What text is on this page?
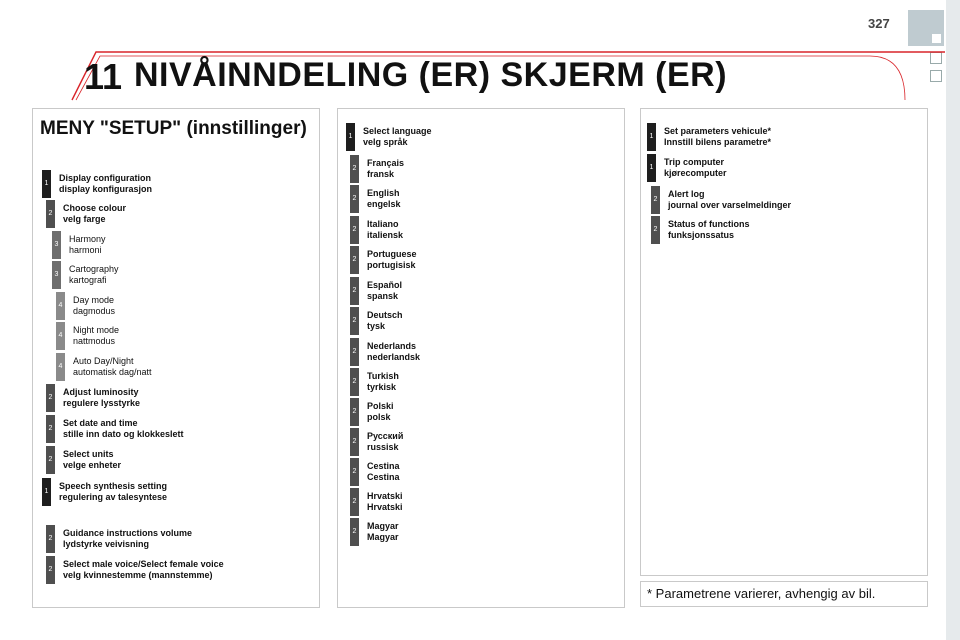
327
11 NIVÅINNDELING (ER) SKJERM (ER)
MENY "SETUP" (innstillinger)
1
Display configuration
display konfigurasjon
2
Choose colour
velg farge
3
Harmony
harmoni
3
Cartography
kartografi
4
Day mode
dagmodus
4
Night mode
nattmodus
4
Auto Day/Night
automatisk dag/natt
2
Adjust luminosity
regulere lysstyrke
2
Set date and time
stille inn dato og klokkeslett
2
Select units
velge enheter
1
Speech synthesis setting
regulering av talesyntese
2
Guidance instructions volume
lydstyrke veivisning
2
Select male voice/Select female voice
velg kvinnestemme (mannstemme)
1
Select language
velg språk
2
Français
fransk
2
English
engelsk
2
Italiano
italiensk
2
Portuguese
portugisisk
2
Español
spansk
2
Deutsch
tysk
2
Nederlands
nederlandsk
2
Turkish
tyrkisk
2
Polski
polsk
2
Русский
russisk
2
Cestina
Cestina
2
Hrvatski
Hrvatski
2
Magyar
Magyar
1
Set parameters vehicule*
Innstill bilens parametre*
1
Trip computer
kjørecomputer
2
Alert log
journal over varselmeldinger
2
Status of functions
funksjonssatus
* Parametrene varierer, avhengig av bil.
